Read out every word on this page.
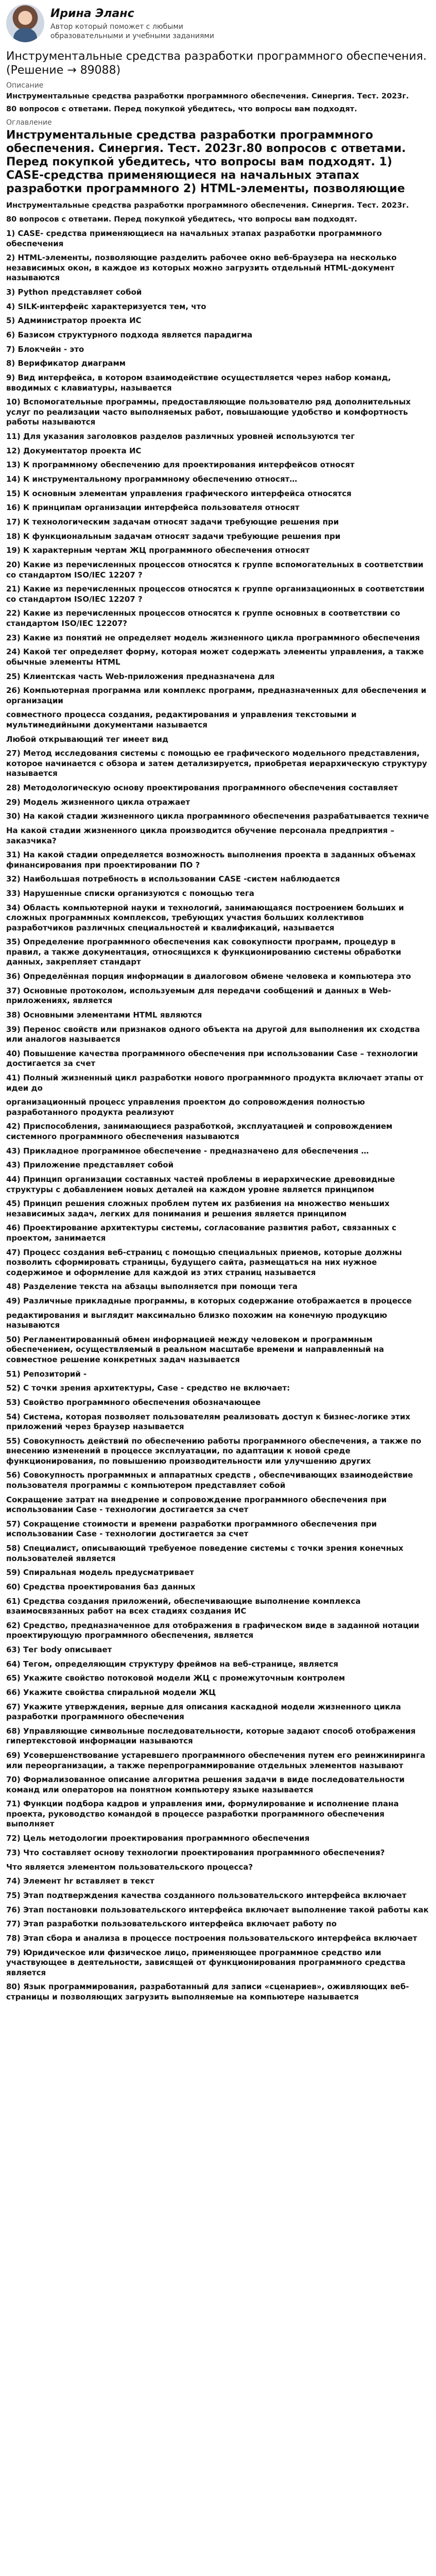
Ирина Эланс
Автор который поможет с любыми образовательными и учебными заданиями
Инструментальные средства разработки программного обеспечения. (Решение → 89088)
Описание

Инструментальные средства разработки программного обеспечения. Синергия. Тест. 2023г.

80 вопросов с ответами. Перед покупкой убедитесь, что вопросы вам подходят.

Оглавление
Инструментальные средства разработки программного обеспечения. Синергия. Тест. 2023г.80 вопросов с ответами. Перед покупкой убедитесь, что вопросы вам подходят. 1) CASE-средства применяющиеся на начальных этапах разработки программного 2) HTML-элементы, позволяющие

Инструментальные средства разработки программного обеспечения. Синергия. Тест. 2023г.

80 вопросов с ответами. Перед покупкой убедитесь, что вопросы вам подходят.

1) CASE- средства применяющиеся на начальных этапах разработки программного обеспечения
2) HTML-элементы, позволяющие разделить рабочее окно веб-браузера на несколько независимых окон, в каждое из которых можно загрузить отдельный HTML-документ называются
3) Python представляет собой
4) SILK-интерфейс характеризуется тем, что
5) Администратор проекта ИС
6) Базисом структурного подхода является парадигма
7) Блокчейн - это
8) Верификатор диаграмм
9) Вид интерфейса, в котором взаимодействие осуществляется через набор команд, вводимых с клавиатуры, называется
10) Вспомогательные программы, предоставляющие пользователю ряд дополнительных услуг по реализации часто выполняемых работ, повышающие удобство и комфортность работы называются
11) Для указания заголовков разделов различных уровней используются тег
12) Документатор проекта ИС
13) К программному обеспечению для проектирования интерфейсов относят
14) К инструментальному программному обеспечению относят…
15) К основным элементам управления графического интерфейса относятся
16) К принципам организации интерфейса пользователя относят
17) К технологическим задачам относят задачи требующие решения при
18) К функциональным задачам относят задачи требующие решения при
19) К характерным чертам ЖЦ программного обеспечения относят
20) Какие из перечисленных процессов относятся к группе вспомогательных в соответствии со стандартом ISO/IEC 12207 ?
21) Какие из перечисленных процессов относятся к группе организационных в соответствии со стандартом ISO/IEC 12207 ?
22) Какие из перечисленных процессов относятся к группе основных в соответствии со стандартом ISO/IEC 12207?
23) Какие из понятий не определяет модель жизненного цикла программного обеспечения
24) Какой тег определяет форму, которая может содержать элементы управления, а также обычные элементы HTML
25) Клиентская часть Web-приложения предназначена для
26) Компьютерная программа или комплекс программ, предназначенных для обеспечения и организации
совместного процесса создания, редактирования и управления текстовыми и мультимедийными документами называется
Любой открывающий тег имеет вид
27) Метод исследования системы с помощью ее графического модельного представления, которое начинается с обзора и затем детализируется, приобретая иерархическую структуру называется
28) Методологическую основу проектирования программного обеспечения составляет
29) Модель жизненного цикла отражает
30) На какой стадии жизненного цикла программного обеспечения разрабатывается техниче
На какой стадии жизненного цикла производится обучение персонала предприятия – заказчика?
31) На какой стадии определяется возможность выполнения проекта в заданных объемах финансирования при проектировании ПО ?
32) Наибольшая потребность в использовании CASE -систем наблюдается
33) Нарушенные списки организуются с помощью тега
34) Область компьютерной науки и технологий, занимающаяся построением больших и сложных программных комплексов, требующих участия больших коллективов разработчиков различных специальностей и квалификаций, называется
35) Определение программного обеспечения как совокупности программ, процедур в правил, а также документация, относящихся к функционированию системы обработки данных, закрепляет стандарт
36) Определённая порция информации в диалоговом обмене человека и компьютера это
37) Основные протоколом, используемым для передачи сообщений и данных в Web- приложениях, является
38) Основными элементами HTML являются
39) Перенос свойств или признаков одного объекта на другой для выполнения их сходства или аналогов называется
40) Повышение качества программного обеспечения при использовании Case – технологии достигается за счет
41) Полный жизненный цикл разработки нового программного продукта включает этапы от идеи до
организационный процесс управления проектом до сопровождения полностью разработанного продукта реализуют
42) Приспособления, занимающиеся разработкой, эксплуатацией и сопровождением системного программного обеспечения называются
43) Прикладное программное обеспечение - предназначено для обеспечения …
43) Приложение представляет собой
44) Принцип организации составных частей проблемы в иерархические древовидные структуры с добавлением новых деталей на каждом уровне является принципом
45) Принцип решения сложных проблем путем их разбиения на множество меньших независимых задач, легких для понимания и решения является принципом
46) Проектирование архитектуры системы, согласование развития работ, связанных с проектом, занимается
47) Процесс создания веб-страниц с помощью специальных приемов, которые должны позволить сформировать страницы, будущего сайта, размещаться на них нужное содержимое и оформление для каждой из этих страниц называется
48) Разделение текста на абзацы выполняется при помощи тега
49) Различные прикладные программы, в которых содержание отображается в процессе
редактирования и выглядит максимально близко похожим на конечную продукцию называются
50) Регламентированный обмен информацией между человеком и программным обеспечением, осуществляемый в реальном масштабе времени и направленный на совместное решение конкретных задач называется
51) Репозиторий -
52) С точки зрения архитектуры, Case - средство не включает:
53) Свойство программного обеспечения обозначающее
54) Система, которая позволяет пользователям реализовать доступ к бизнес-логике этих приложений через браузер называется
55) Совокупность действий по обеспечению работы программного обеспечения, а также по внесению изменений в процессе эксплуатации, по адаптации к новой среде функционирования, по повышению производительности или улучшению других
56) Совокупность программных и аппаратных средств , обеспечивающих взаимодействие пользователя программы с компьютером представляет собой
Сокращение затрат на внедрение и сопровождение программного обеспечения при использовании Case - технологии достигается за счет
57) Сокращение стоимости и времени разработки программного обеспечения при использовании Case - технологии достигается за счет
58) Специалист, описывающий требуемое поведение системы с точки зрения конечных пользователей является
59) Спиральная модель предусматривает
60) Средства проектирования баз данных
61) Средства создания приложений, обеспечивающие выполнение комплекса взаимосвязанных работ на всех стадиях создания ИС
62) Средство, предназначенное для отображения в графическом виде в заданной нотации проектирующую программного обеспечения, является
63) Тег body описывает
64) Тегом, определяющим структуру фреймов на веб-странице, является
65) Укажите свойство потоковой модели ЖЦ с промежуточным контролем
66) Укажите свойства спиральной модели ЖЦ
67) Укажите утверждения, верные для описания каскадной модели жизненного цикла разработки программного обеспечения
68) Управляющие символьные последовательности, которые задают способ отображения гипертекстовой информации называются
69) Усовершенствование устаревшего программного обеспечения путем его реинжиниринга или переорганизации, а также перепрограммирование отдельных элементов называют
70) Формализованное описание алгоритма решения задачи в виде последовательности команд или операторов на понятном компьютеру языке называется
71) Функции подбора кадров и управления ими, формулирование и исполнение плана проекта, руководство командой в процессе разработки программного обеспечения выполняет
72) Цель методологии проектирования программного обеспечения
73) Что составляет основу технологии проектирования программного обеспечения?
Что является элементом пользовательского процесса?
74) Элемент hr вставляет в текст
75) Этап подтверждения качества созданного пользовательского интерфейса включает
76) Этап постановки пользовательского интерфейса включает выполнение такой работы как
77) Этап разработки пользовательского интерфейса включает работу по
78) Этап сбора и анализа в процессе построения пользовательского интерфейса включает
79) Юридическое или физическое лицо, применяющее программное средство или участвующее в деятельности, зависящей от функционирования программного средства является
80) Язык программирования, разработанный для записи «сценариев», оживляющих веб-страницы и позволяющих загрузить выполняемые на компьютере называется
